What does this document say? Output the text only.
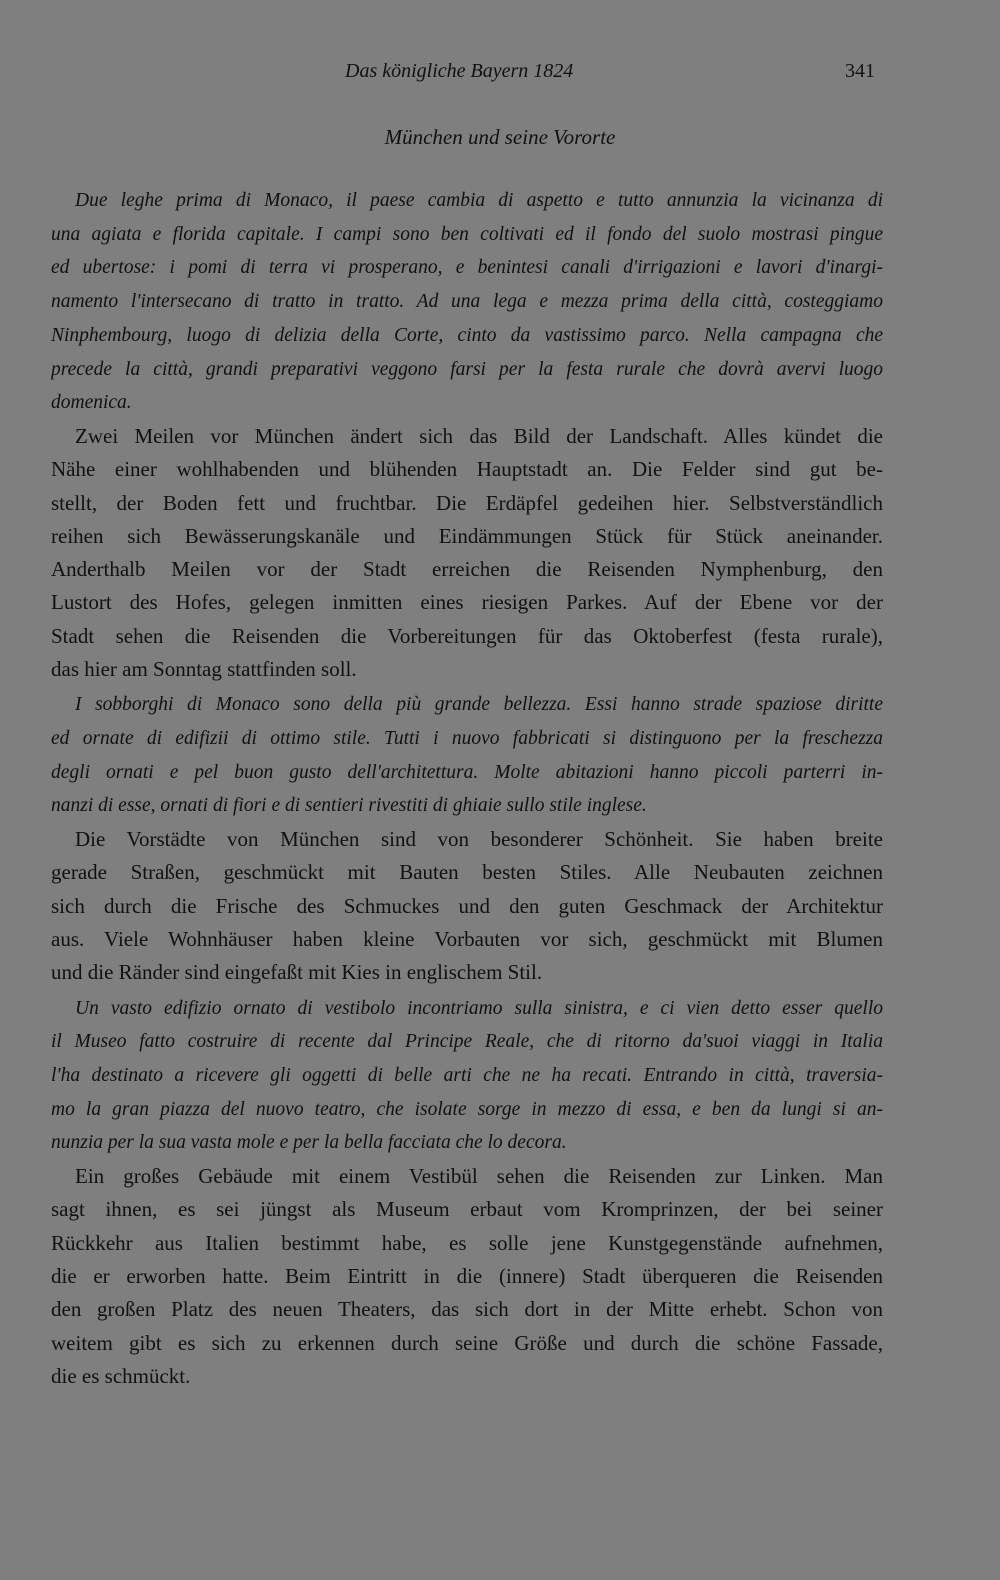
Das königliche Bayern 1824	341
München und seine Vororte

Due leghe prima di Monaco, il paese cambia di aspetto e tutto annunzia la vicinanza di
una agiata e florida capitale. I campi sono ben coltivati ed il fondo del suolo mostrasi pingue
ed ubertose: i pomi di terra vi prosperano, e benintesi canali d'irrigazioni e lavori d'inargi-
namento l'intersecano di tratto in tratto. Ad una lega e mezza prima della città, costeggiamo
Ninphembourg, luogo di delizia della Corte, cinto da vastissimo parco. Nella campagna che
precede la città, grandi preparativi veggono farsi per la festa rurale che dovrà avervi luogo
domenica.

Zwei Meilen vor München ändert sich das Bild der Landschaft. Alles kündet die
Nähe einer wohlhabenden und blühenden Hauptstadt an. Die Felder sind gut be-
stellt, der Boden fett und fruchtbar. Die Erdäpfel gedeihen hier. Selbstverständlich
reihen sich Bewässerungskanäle und Eindämmungen Stück für Stück aneinander.
Anderthalb Meilen vor der Stadt erreichen die Reisenden Nymphenburg, den
Lustort des Hofes, gelegen inmitten eines riesigen Parkes. Auf der Ebene vor der
Stadt sehen die Reisenden die Vorbereitungen für das Oktoberfest (festa rurale),
das hier am Sonntag stattfinden soll.

I sobborghi di Monaco sono della più grande bellezza. Essi hanno strade spaziose diritte
ed ornate di edifizii di ottimo stile. Tutti i nuovo fabbricati si distinguono per la freschezza
degli ornati e pel buon gusto dell'architettura. Molte abitazioni hanno piccoli parterri in-
nanzi di esse, ornati di fiori e di sentieri rivestiti di ghiaie sullo stile inglese.

Die Vorstädte von München sind von besonderer Schönheit. Sie haben breite
gerade Straßen, geschmückt mit Bauten besten Stiles. Alle Neubauten zeichnen
sich durch die Frische des Schmuckes und den guten Geschmack der Architektur
aus. Viele Wohnhäuser haben kleine Vorbauten vor sich, geschmückt mit Blumen
und die Ränder sind eingefaßt mit Kies in englischem Stil.

Un vasto edifizio ornato di vestibolo incontriamo sulla sinistra, e ci vien detto esser quello
il Museo fatto costruire di recente dal Principe Reale, che di ritorno da'suoi viaggi in Italia
l'ha destinato a ricevere gli oggetti di belle arti che ne ha recati. Entrando in città, traversia-
mo la gran piazza del nuovo teatro, che isolate sorge in mezzo di essa, e ben da lungi si an-
nunzia per la sua vasta mole e per la bella facciata che lo decora.

Ein großes Gebäude mit einem Vestibül sehen die Reisenden zur Linken. Man
sagt ihnen, es sei jüngst als Museum erbaut vom Kromprinzen, der bei seiner
Rückkehr aus Italien bestimmt habe, es solle jene Kunstgegenstände aufnehmen,
die er erworben hatte. Beim Eintritt in die (innere) Stadt überqueren die Reisenden
den großen Platz des neuen Theaters, das sich dort in der Mitte erhebt. Schon von
weitem gibt es sich zu erkennen durch seine Größe und durch die schöne Fassade,
die es schmückt.
